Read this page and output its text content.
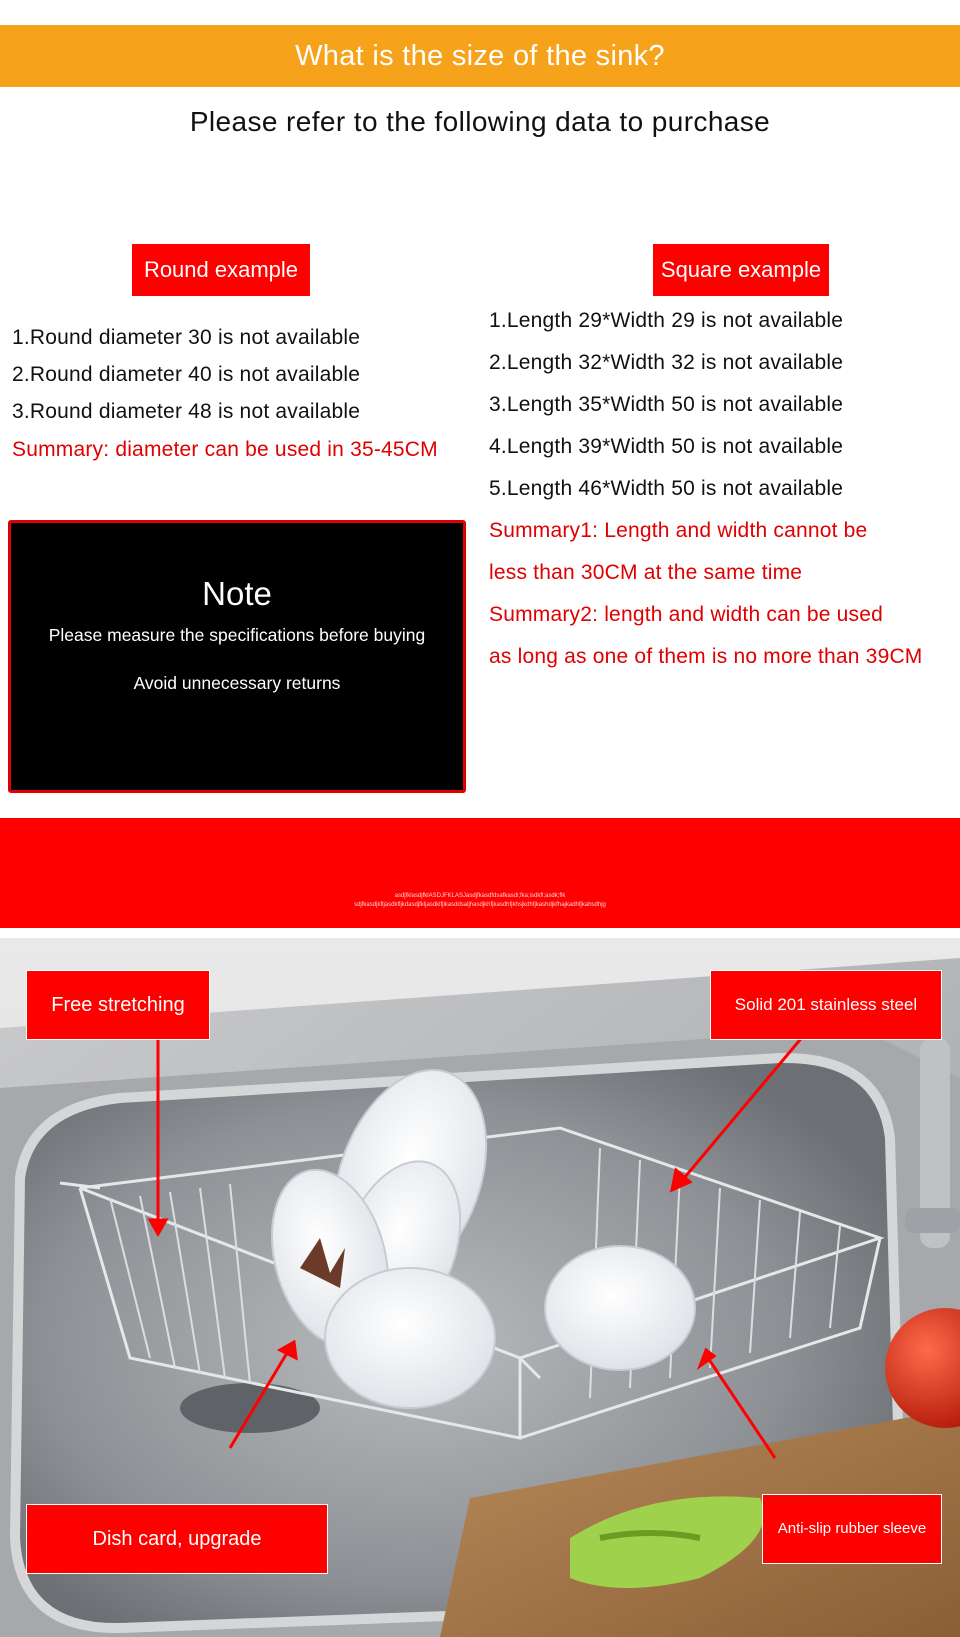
What is the size of the sink?
Please refer to the following data to purchase
Round example
1.Round diameter 30 is not available
2.Round diameter 40 is not available
3.Round diameter 48 is not available
Summary: diameter can be used in 35-45CM
Square example
1.Length 29*Width 29 is not available
2.Length 32*Width 32 is not available
3.Length 35*Width 50 is not available
4.Length 39*Width 50 is not available
5.Length 46*Width 50 is not available
Summary1: Length and width cannot be
less than 30CM at the same time
Summary2: length and width can be used
as long as one of them is no more than 39CM
Note
Please measure the specifications before buying
Avoid unnecessary returns
asdjfklasdjfklASDJFKLASJasdjfkasdfdsafkasdi;fka;isdkfl;asdk;flk
sdjfkasdjkfljasdkfljkdasdjfkljasdklfjlkasddsaljhasdjkhfjkasdhfjkhsjkdhfjkashdjkfhajkadhfjkahsdhjg
Free stretching	Solid 201 stainless steel
Dish card, upgrade	Anti-slip rubber sleeve
